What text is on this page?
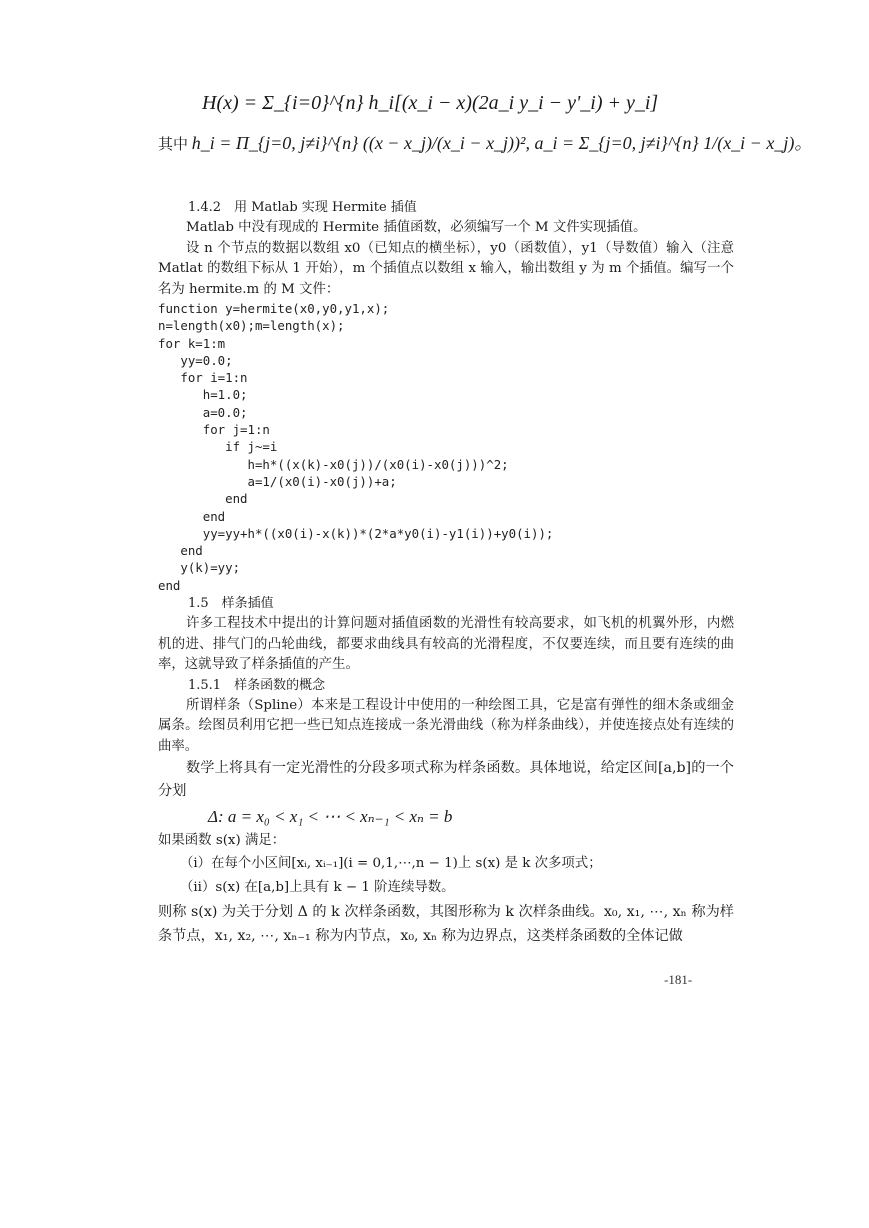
H(x) = Σ_{i=0}^{n} h_i[(x_i − x)(2a_i y_i − y'_i) + y_i]
其中 h_i = Π_{j=0, j≠i}^{n} ((x − x_j)/(x_i − x_j))², a_i = Σ_{j=0, j≠i}^{n} 1/(x_i − x_j)。
1.4.2　用 Matlab 实现 Hermite 插值

Matlab 中没有现成的 Hermite 插值函数，必须编写一个 M 文件实现插值。

设 n 个节点的数据以数组 x0（已知点的横坐标），y0（函数值），y1（导数值）输入（注意 Matlat 的数组下标从 1 开始），m 个插值点以数组 x 输入，输出数组 y 为 m 个插值。编写一个名为 hermite.m 的 M 文件：

function y=hermite(x0,y0,y1,x);
n=length(x0);m=length(x);
for k=1:m
yy=0.0;
for i=1:n
h=1.0;
a=0.0;
for j=1:n
if j~=i
h=h*((x(k)-x0(j))/(x0(i)-x0(j)))^2;
a=1/(x0(i)-x0(j))+a;
end
end
yy=yy+h*((x0(i)-x(k))*(2*a*y0(i)-y1(i))+y0(i));
end
y(k)=yy;
end
1.5　样条插值

许多工程技术中提出的计算问题对插值函数的光滑性有较高要求，如飞机的机翼外形，内燃机的进、排气门的凸轮曲线，都要求曲线具有较高的光滑程度，不仅要连续，而且要有连续的曲率，这就导致了样条插值的产生。

1.5.1　样条函数的概念

所谓样条（Spline）本来是工程设计中使用的一种绘图工具，它是富有弹性的细木条或细金属条。绘图员利用它把一些已知点连接成一条光滑曲线（称为样条曲线），并使连接点处有连续的曲率。

数学上将具有一定光滑性的分段多项式称为样条函数。具体地说，给定区间[a,b]的一个分划

Δ: a = x₀ < x₁ < ⋯ < xₙ₋₁ < xₙ = b

如果函数 s(x) 满足：

（i）在每个小区间[xᵢ, xᵢ₋₁](i = 0,1,⋯,n − 1)上 s(x) 是 k 次多项式；
（ii）s(x) 在[a,b]上具有 k − 1 阶连续导数。

则称 s(x) 为关于分划 Δ 的 k 次样条函数，其图形称为 k 次样条曲线。x₀, x₁, ⋯, xₙ 称为样条节点，x₁, x₂, ⋯, xₙ₋₁ 称为内节点，x₀, xₙ 称为边界点，这类样条函数的全体记做

-181-
